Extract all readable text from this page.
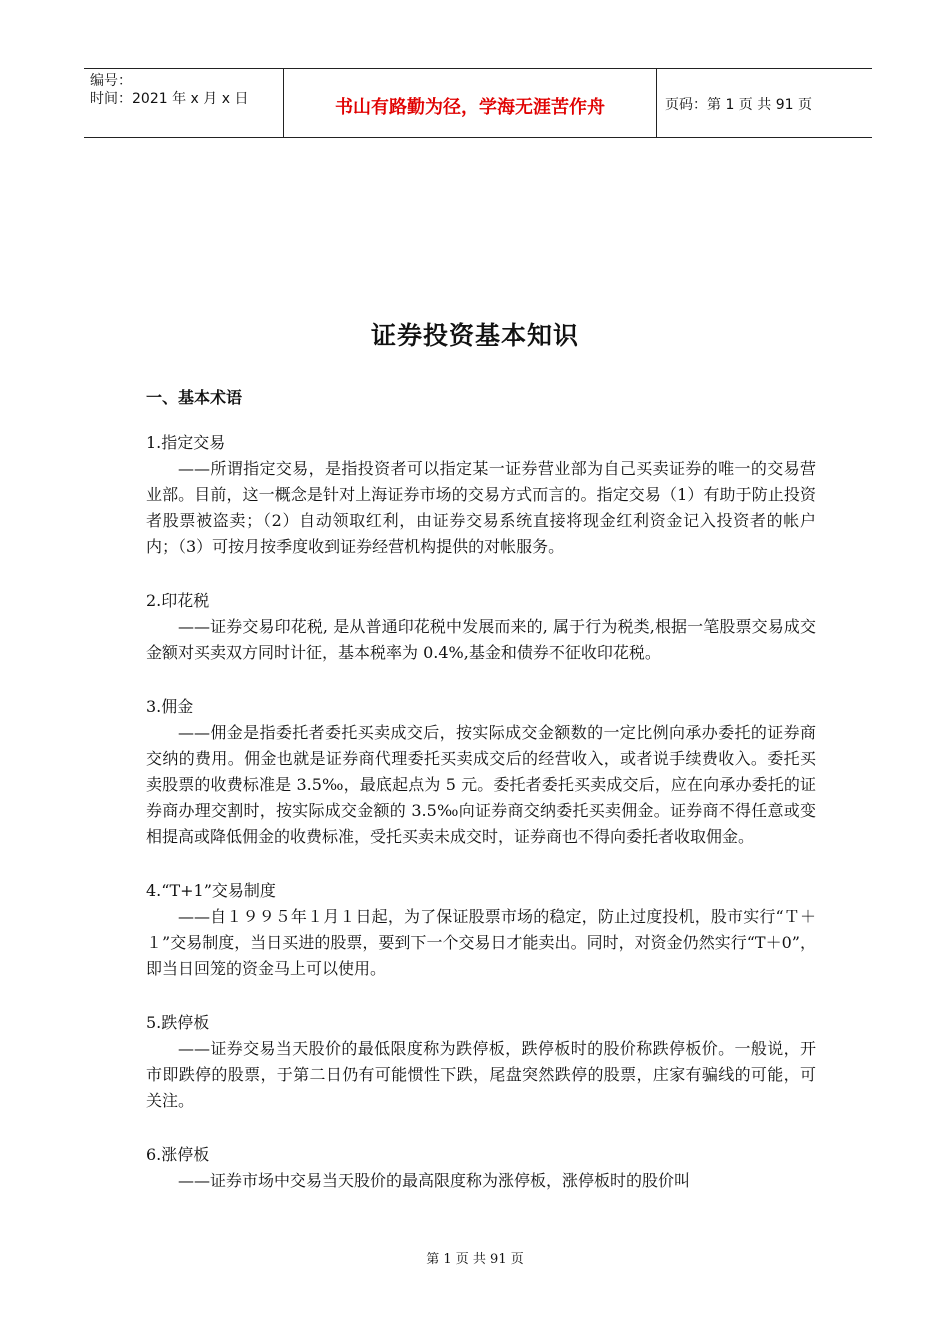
编号：
时间：2021 年 x 月 x 日	书山有路勤为径，学海无涯苦作舟	页码：第 1 页 共 91 页
证券投资基本知识
一、基本术语
1.指定交易

——所谓指定交易，是指投资者可以指定某一证券营业部为自己买卖证券的唯一的交易营业部。目前，这一概念是针对上海证券市场的交易方式而言的。指定交易（1）有助于防止投资者股票被盗卖；（2）自动领取红利，由证券交易系统直接将现金红利资金记入投资者的帐户内；（3）可按月按季度收到证券经营机构提供的对帐服务。

2.印花税

——证券交易印花税, 是从普通印花税中发展而来的, 属于行为税类,根据一笔股票交易成交金额对买卖双方同时计征，基本税率为 0.4%,基金和债券不征收印花税。

3.佣金

——佣金是指委托者委托买卖成交后，按实际成交金额数的一定比例向承办委托的证券商交纳的费用。佣金也就是证券商代理委托买卖成交后的经营收入，或者说手续费收入。委托买卖股票的收费标准是 3.5‰，最底起点为 5 元。委托者委托买卖成交后，应在向承办委托的证券商办理交割时，按实际成交金额的 3.5‰向证券商交纳委托买卖佣金。证券商不得任意或变相提高或降低佣金的收费标准，受托买卖未成交时，证券商也不得向委托者收取佣金。

4.“T+1”交易制度

——自１９９５年１月１日起，为了保证股票市场的稳定，防止过度投机，股市实行“Ｔ＋１”交易制度，当日买进的股票，要到下一个交易日才能卖出。同时，对资金仍然实行“T＋0”，即当日回笼的资金马上可以使用。

5.跌停板

——证券交易当天股价的最低限度称为跌停板，跌停板时的股价称跌停板价。一般说，开市即跌停的股票，于第二日仍有可能惯性下跌，尾盘突然跌停的股票，庄家有骗线的可能，可关注。

6.涨停板

——证券市场中交易当天股价的最高限度称为涨停板，涨停板时的股价叫

第 1 页 共 91 页
